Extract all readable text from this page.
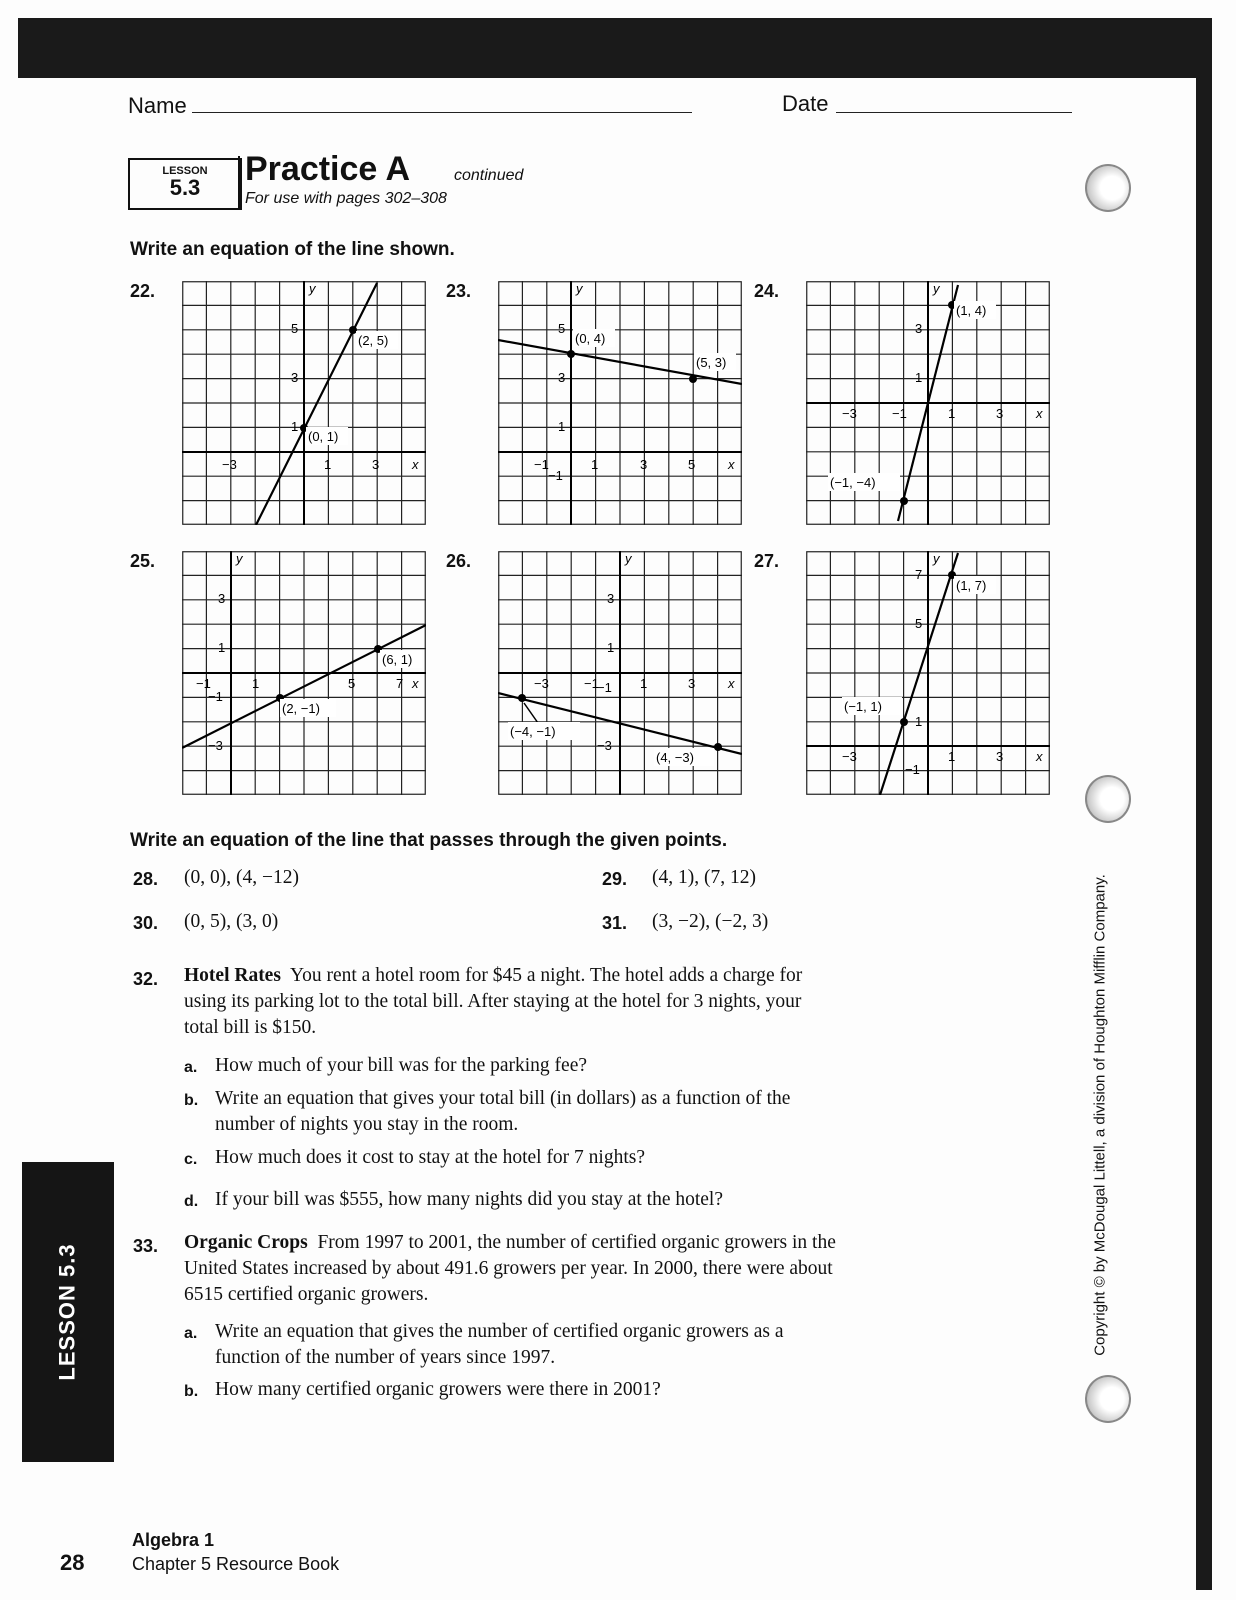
Name	Date
LESSON
5.3	Practice A	continued
For use with pages 302–308
Write an equation of the line shown.
22.
(2, 5)
(0, 1)
5
3
1
−3	1	3	x
y	23.
(0, 4)
(5, 3)
5
3
1
−1
−1	1	3	5	x
y	24.
(1, 4)
(−1, −4)
3
1
−3	−1	1	3	x
y
25.
(6, 1)
(2, −1)
3
1
−1
−3
−1	1	5	7 x
y	26.
(−4, −1)
(4, −3)
3
1
−1
−3
−3	−1	1	3	x
y	27.
(1, 7)
(−1, 1)
7
5
1
−1
−3	1	3	x
y
Write an equation of the line that passes through the given points.
28. (0, 0), (4, −12)	29. (4, 1), (7, 12)
30. (0, 5), (3, 0)	31. (3, −2), (−2, 3)
32. Hotel Rates You rent a hotel room for $45 a night. The hotel adds a charge for
using its parking lot to the total bill. After staying at the hotel for 3 nights, your
total bill is $150.
a. How much of your bill was for the parking fee?
b. Write an equation that gives your total bill (in dollars) as a function of the
number of nights you stay in the room.
c. How much does it cost to stay at the hotel for 7 nights?
d. If your bill was $555, how many nights did you stay at the hotel?
33. Organic Crops From 1997 to 2001, the number of certified organic growers in the
United States increased by about 491.6 growers per year. In 2000, there were about
6515 certified organic growers.
a. Write an equation that gives the number of certified organic growers as a
function of the number of years since 1997.
b. How many certified organic growers were there in 2001?
LESSON 5.3	Copyright © by McDougal Littell, a division of Houghton Mifflin Company.
28
Algebra 1
Chapter 5 Resource Book
